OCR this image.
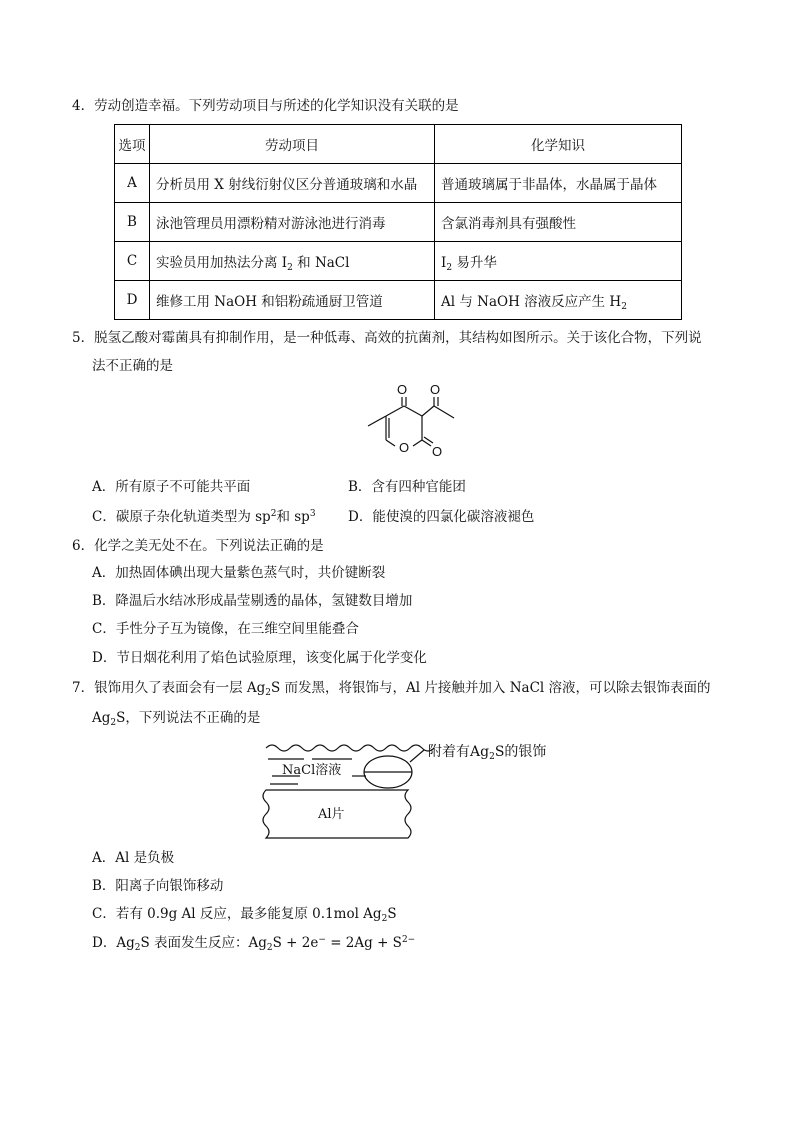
4．劳动创造幸福。下列劳动项目与所述的化学知识没有关联的是
选项	劳动项目	化学知识
A	分析员用 X 射线衍射仪区分普通玻璃和水晶	普通玻璃属于非晶体，水晶属于晶体
B	泳池管理员用漂粉精对游泳池进行消毒	含氯消毒剂具有强酸性
C	实验员用加热法分离 $I_2$ 和 NaCl	$I_2$ 易升华
D	维修工用 NaOH 和铝粉疏通厨卫管道	Al 与 NaOH 溶液反应产生 $H_2$
5．脱氢乙酸对霉菌具有抑制作用，是一种低毒、高效的抗菌剂，其结构如图所示。关于该化合物，下列说
法不正确的是
O O
O O
A．所有原子不可能共平面	B．含有四种官能团
C．碳原子杂化轨道类型为 $sp^2$和 $sp^3$ D．能使溴的四氯化碳溶液褪色
6．化学之美无处不在。下列说法正确的是
A．加热固体碘出现大量紫色蒸气时，共价键断裂
B．降温后水结冰形成晶莹剔透的晶体，氢键数目增加
C．手性分子互为镜像，在三维空间里能叠合
D．节日烟花利用了焰色试验原理，该变化属于化学变化
7．银饰用久了表面会有一层 $Ag_2S$ 而发黑，将银饰与，Al 片接触并加入 NaCl 溶液，可以除去银饰表面的
$Ag_2S$，下列说法不正确的是
附着有$Ag_2S$的银饰
NaCl溶液
Al片
A．Al 是负极
B．阳离子向银饰移动
C．若有 0.9g Al 反应，最多能复原 0.1mol $Ag_2S$
D．$Ag_2S$ 表面发生反应：$Ag_2S + 2e^- = 2Ag + S^{2-}$
